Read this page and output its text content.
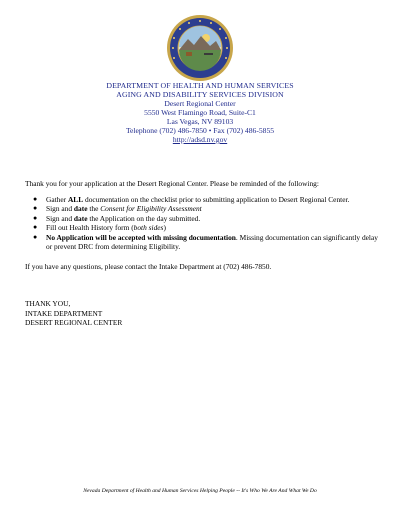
DEPARTMENT OF HEALTH AND HUMAN SERVICES
AGING AND DISABILITY SERVICES DIVISION
Desert Regional Center
5550 West Flamingo Road, Suite-C1
Las Vegas, NV 89103
Telephone (702) 486-7850 • Fax (702) 486-5855
http://adsd.nv.gov
Thank you for your application at the Desert Regional Center. Please be reminded of the following:
● Gather ALL documentation on the checklist prior to submitting application to Desert Regional Center.
● Sign and date the Consent for Eligibility Assessment
● Sign and date the Application on the day submitted.
● Fill out Health History form (both sides)
● No Application will be accepted with missing documentation. Missing documentation can significantly delay or prevent DRC from determining Eligibility.
If you have any questions, please contact the Intake Department at (702) 486-7850.
THANK YOU,
INTAKE DEPARTMENT
DESERT REGIONAL CENTER
Nevada Department of Health and Human Services Helping People -- It's Who We Are And What We Do
